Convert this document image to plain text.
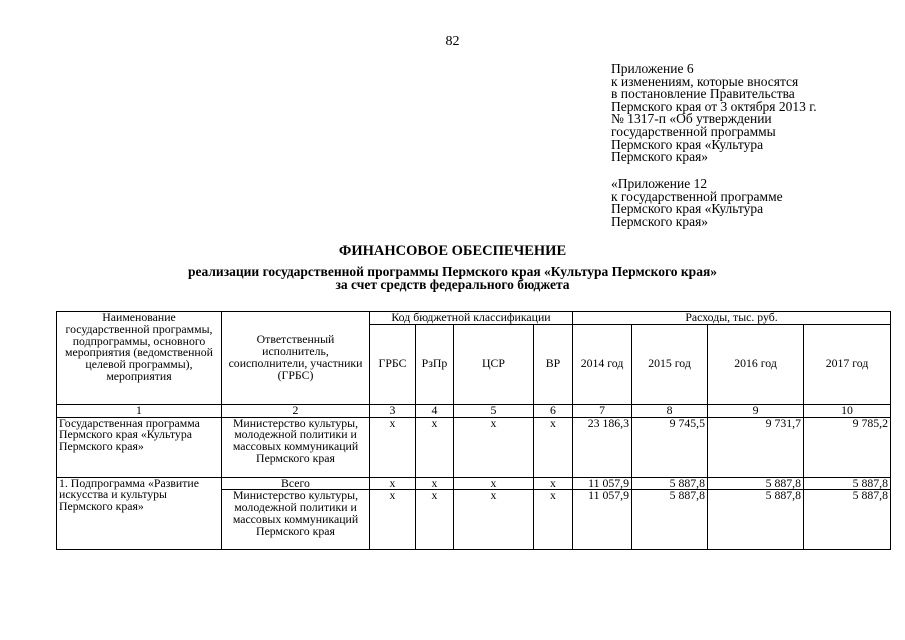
82
Приложение 6
к изменениям, которые вносятся
в постановление Правительства
Пермского края от 3 октября 2013 г.
№ 1317-п «Об утверждении
государственной программы
Пермского края «Культура
Пермского края»
«Приложение 12
к государственной программе
Пермского края «Культура
Пермского края»
ФИНАНСОВОЕ ОБЕСПЕЧЕНИЕ
реализации государственной программы Пермского края «Культура Пермского края»
за счет средств федерального бюджета
Наименование государственной программы, подпрограммы, основного мероприятия (ведомственной целевой программы), мероприятия	Ответственный исполнитель, соисполнители, участники (ГРБС)	Код бюджетной классификации				Расходы, тыс. руб.			
		ГРБС	РзПр	ЦСР	ВР	2014 год	2015 год	2016 год	2017 год
1	2	3	4	5	6	7	8	9	10
Государственная программа Пермского края «Культура Пермского края»	Министерство культуры, молодежной политики и массовых коммуникаций Пермского края	х	х	х	х	23 186,3	9 745,5	9 731,7	9 785,2
1. Подпрограмма «Развитие искусства и культуры Пермского края»	Всего	х	х	х	х	11 057,9	5 887,8	5 887,8	5 887,8
	Министерство культуры, молодежной политики и массовых коммуникаций Пермского края	х	х	х	х	11 057,9	5 887,8	5 887,8	5 887,8
